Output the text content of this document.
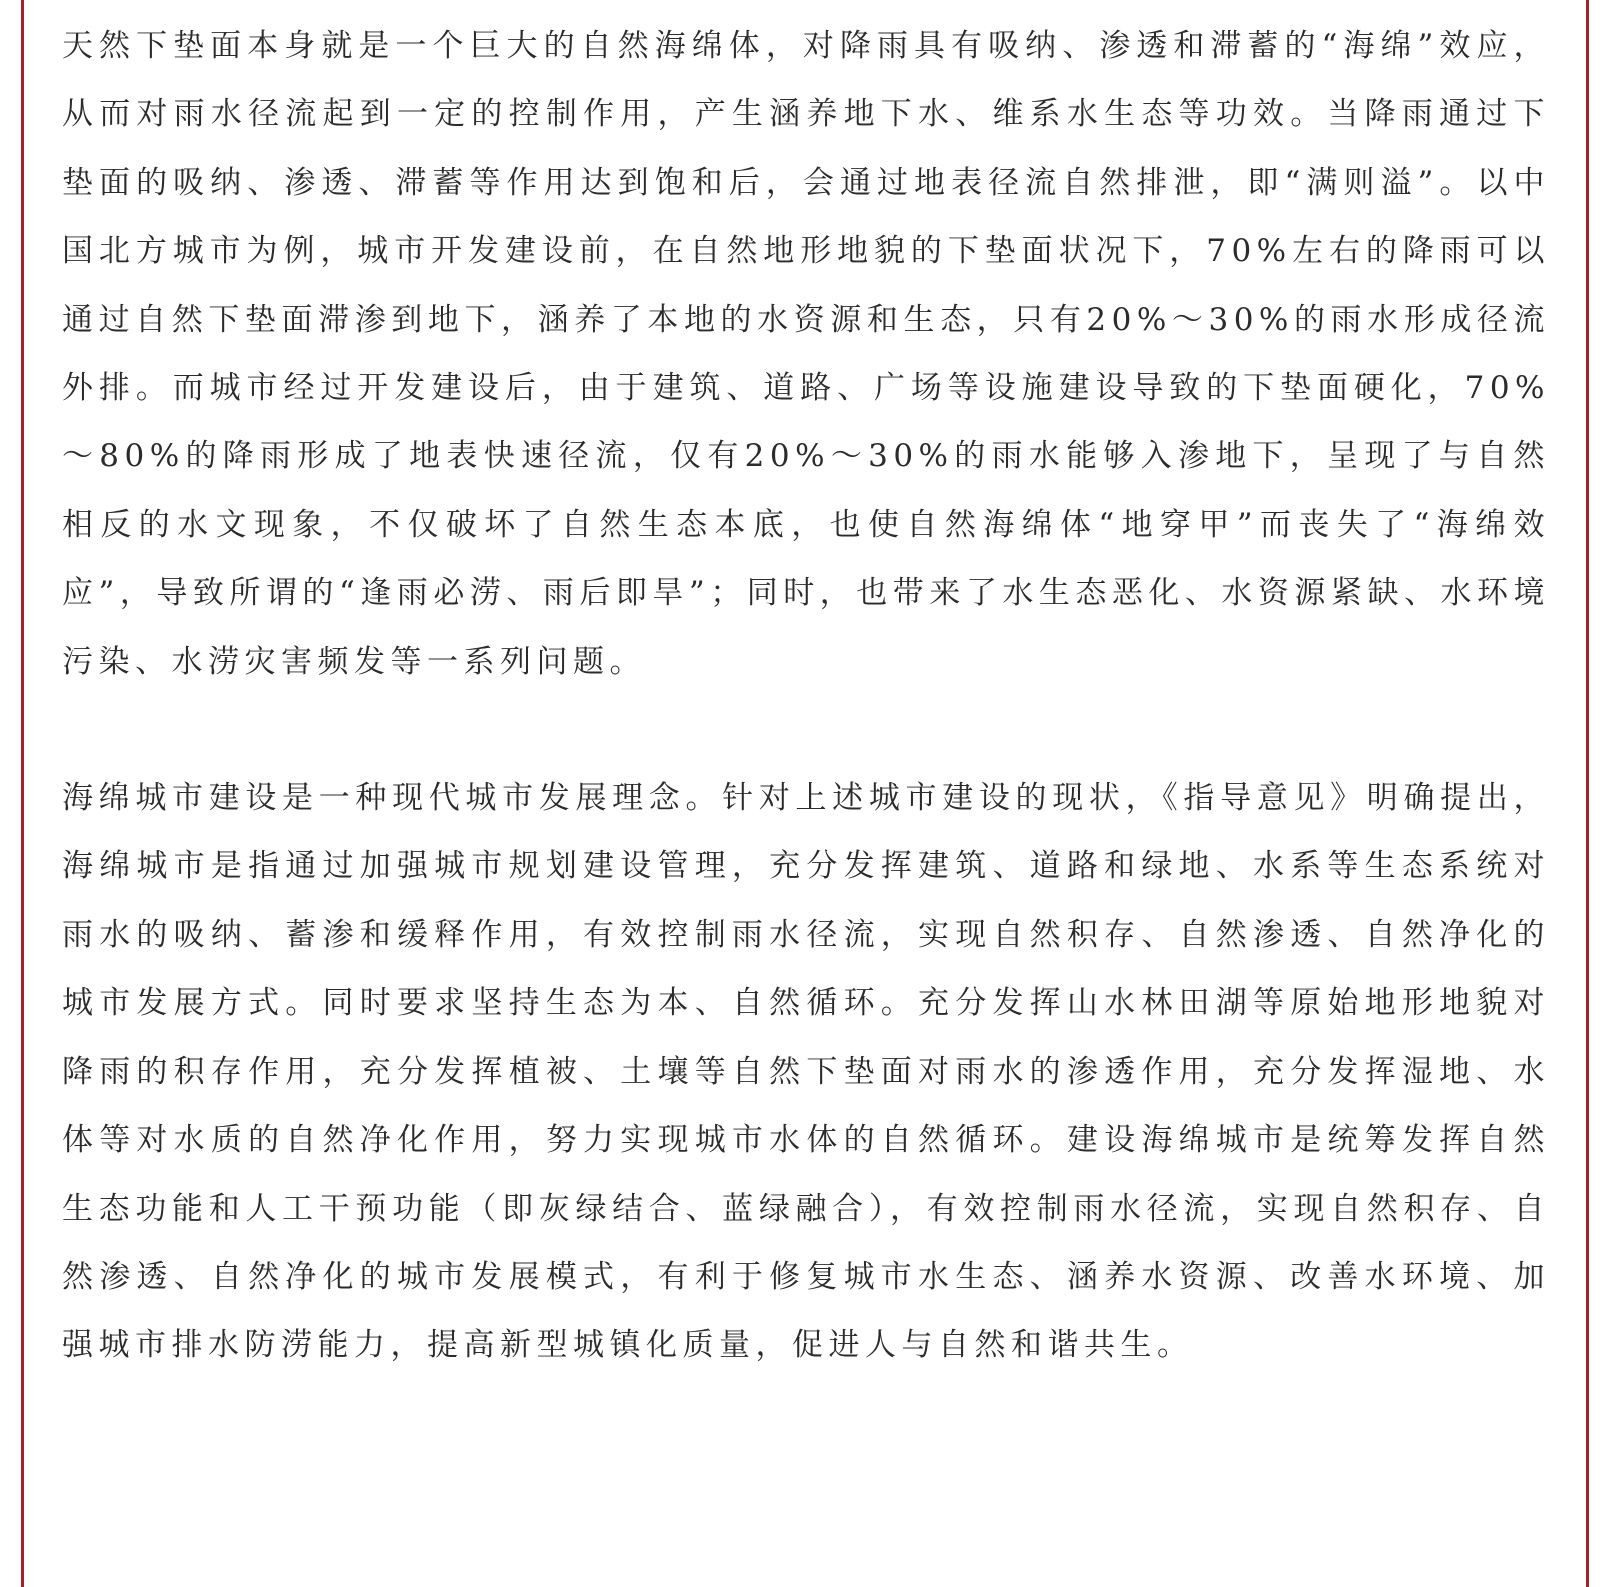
天然下垫面本身就是一个巨大的自然海绵体，对降雨具有吸纳、渗透和滞蓄的“海绵”效应，从而对雨水径流起到一定的控制作用，产生涵养地下水、维系水生态等功效。当降雨通过下垫面的吸纳、渗透、滞蓄等作用达到饱和后，会通过地表径流自然排泄，即“满则溢”。以中国北方城市为例，城市开发建设前，在自然地形地貌的下垫面状况下，70%左右的降雨可以通过自然下垫面滞渗到地下，涵养了本地的水资源和生态，只有20%～30%的雨水形成径流外排。而城市经过开发建设后，由于建筑、道路、广场等设施建设导致的下垫面硬化，70%～80%的降雨形成了地表快速径流，仅有20%～30%的雨水能够入渗地下，呈现了与自然相反的水文现象，不仅破坏了自然生态本底，也使自然海绵体“地穿甲”而丧失了“海绵效应”，导致所谓的“逢雨必涝、雨后即旱”；同时，也带来了水生态恶化、水资源紧缺、水环境污染、水涝灾害频发等一系列问题。

海绵城市建设是一种现代城市发展理念。针对上述城市建设的现状，《指导意见》明确提出，海绵城市是指通过加强城市规划建设管理，充分发挥建筑、道路和绿地、水系等生态系统对雨水的吸纳、蓄渗和缓释作用，有效控制雨水径流，实现自然积存、自然渗透、自然净化的城市发展方式。同时要求坚持生态为本、自然循环。充分发挥山水林田湖等原始地形地貌对降雨的积存作用，充分发挥植被、土壤等自然下垫面对雨水的渗透作用，充分发挥湿地、水体等对水质的自然净化作用，努力实现城市水体的自然循环。建设海绵城市是统筹发挥自然生态功能和人工干预功能（即灰绿结合、蓝绿融合），有效控制雨水径流，实现自然积存、自然渗透、自然净化的城市发展模式，有利于修复城市水生态、涵养水资源、改善水环境、加强城市排水防涝能力，提高新型城镇化质量，促进人与自然和谐共生。
